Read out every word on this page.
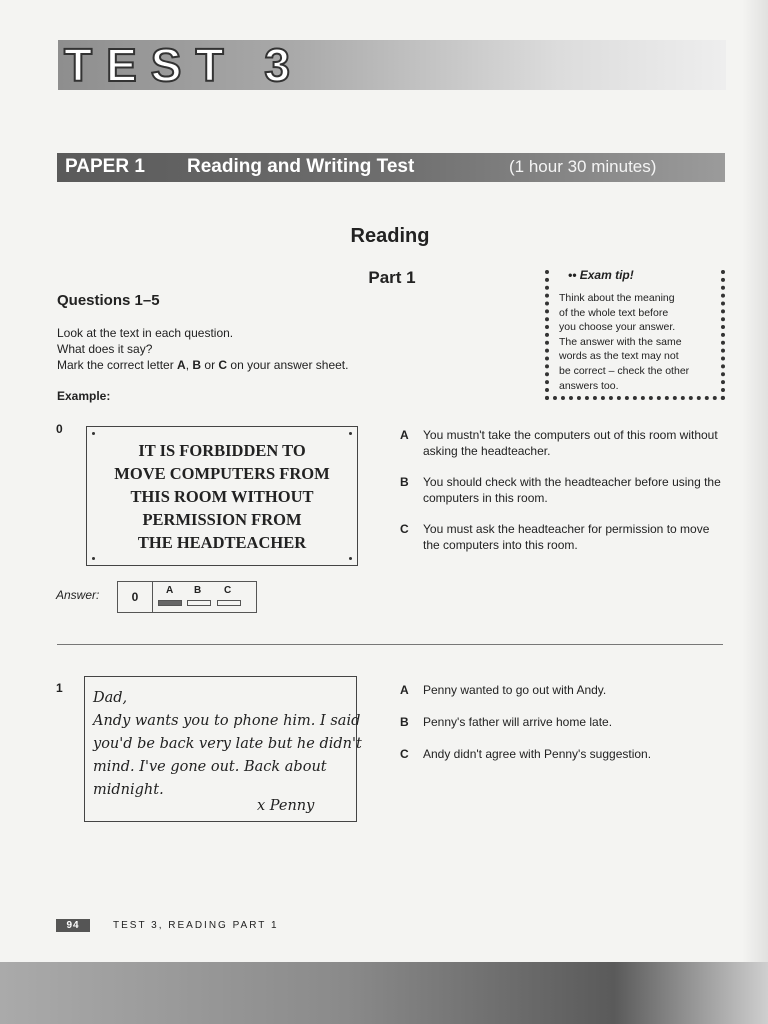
TEST 3
PAPER 1 Reading and Writing Test	(1 hour 30 minutes)
Reading
Part 1
Questions 1–5
Look at the text in each question.
What does it say?
Mark the correct letter A, B or C on your answer sheet.
Example:
•• Exam tip!
Think about the meaning
of the whole text before
you choose your answer.
The answer with the same
words as the text may not
be correct – check the other
answers too.
0
IT IS FORBIDDEN TO
MOVE COMPUTERS FROM
THIS ROOM WITHOUT
PERMISSION FROM
THE HEADTEACHER
A You mustn't take the computers out of this room without asking the headteacher.
B You should check with the headteacher before using the computers in this room.
C You must ask the headteacher for permission to move the computers into this room.
Answer:	0	A B C
1
Dad,
Andy wants you to phone him. I said
you'd be back very late but he didn't
mind. I've gone out. Back about
midnight.
x Penny
A Penny wanted to go out with Andy.
B Penny's father will arrive home late.
C Andy didn't agree with Penny's suggestion.
94	TEST 3, READING PART 1
